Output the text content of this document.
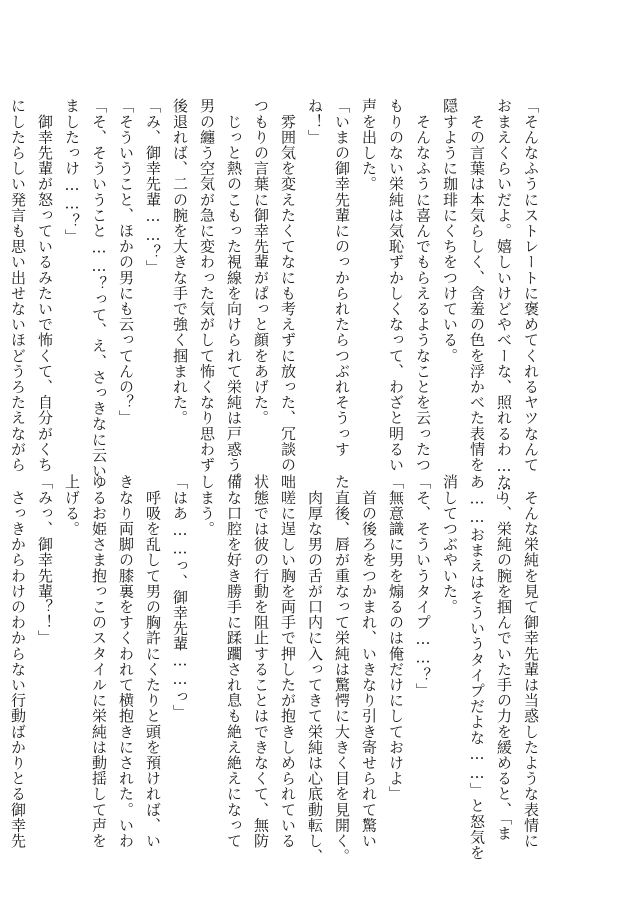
「そんなふうにストレートに褒めてくれるヤツなんて
おまえくらいだよ。嬉しいけどやべーな、照れるわ……」
　その言葉は本気らしく、含羞の色を浮かべた表情を
隠すように珈琲にくちをつけている。
　そんなふうに喜んでもらえるようなことを云ったつ
もりのない栄純は気恥ずかしくなって、わざと明るい
声を出した。
「いまの御幸先輩にのっかられたらつぶれそうっす
ね！」
　雰囲気を変えたくてなにも考えずに放った、冗談の
つもりの言葉に御幸先輩がぱっと顔をあげた。
　じっと熱のこもった視線を向けられて栄純は戸惑う。
男の纏う空気が急に変わった気がして怖くなり思わず
後退れば、二の腕を大きな手で強く掴まれた。
「み、御幸先輩……？」
「そういうこと、ほかの男にも云ってんの？」
「そ、そういうこと……？って、え、さっきなに云い
ましたっけ……？」
　御幸先輩が怒っているみたいで怖くて、自分がくち
にしたらしい発言も思い出せないほどうろたえながら
　そんな栄純を見て御幸先輩は当惑したような表情に
なり、栄純の腕を掴んでいた手の力を緩めると、「ま
あ……おまえはそういうタイプだよな……」と怒気を
消してつぶやいた。
「そ、そういうタイプ……？」
「無意識に男を煽るのは俺だけにしておけよ」
　首の後ろをつかまれ、いきなり引き寄せられて驚い
た直後、唇が重なって栄純は驚愕に大きく目を見開く。
　肉厚な男の舌が口内に入ってきて栄純は心底動転し、
咄嗟に逞しい胸を両手で押したが抱きしめられている
状態では彼の行動を阻止することはできなくて、無防
備な口腔を好き勝手に蹂躙され息も絶え絶えになって
しまう。
「はあ……っ、御幸先輩……っ」
　呼吸を乱して男の胸許にくたりと頭を預ければ、い
きなり両脚の膝裏をすくわれて横抱きにされた。いわ
ゆるお姫さま抱っこのスタイルに栄純は動揺して声を
上げる。
「みっ、御幸先輩？！」
　さっきからわけのわからない行動ばかりとる御幸先
